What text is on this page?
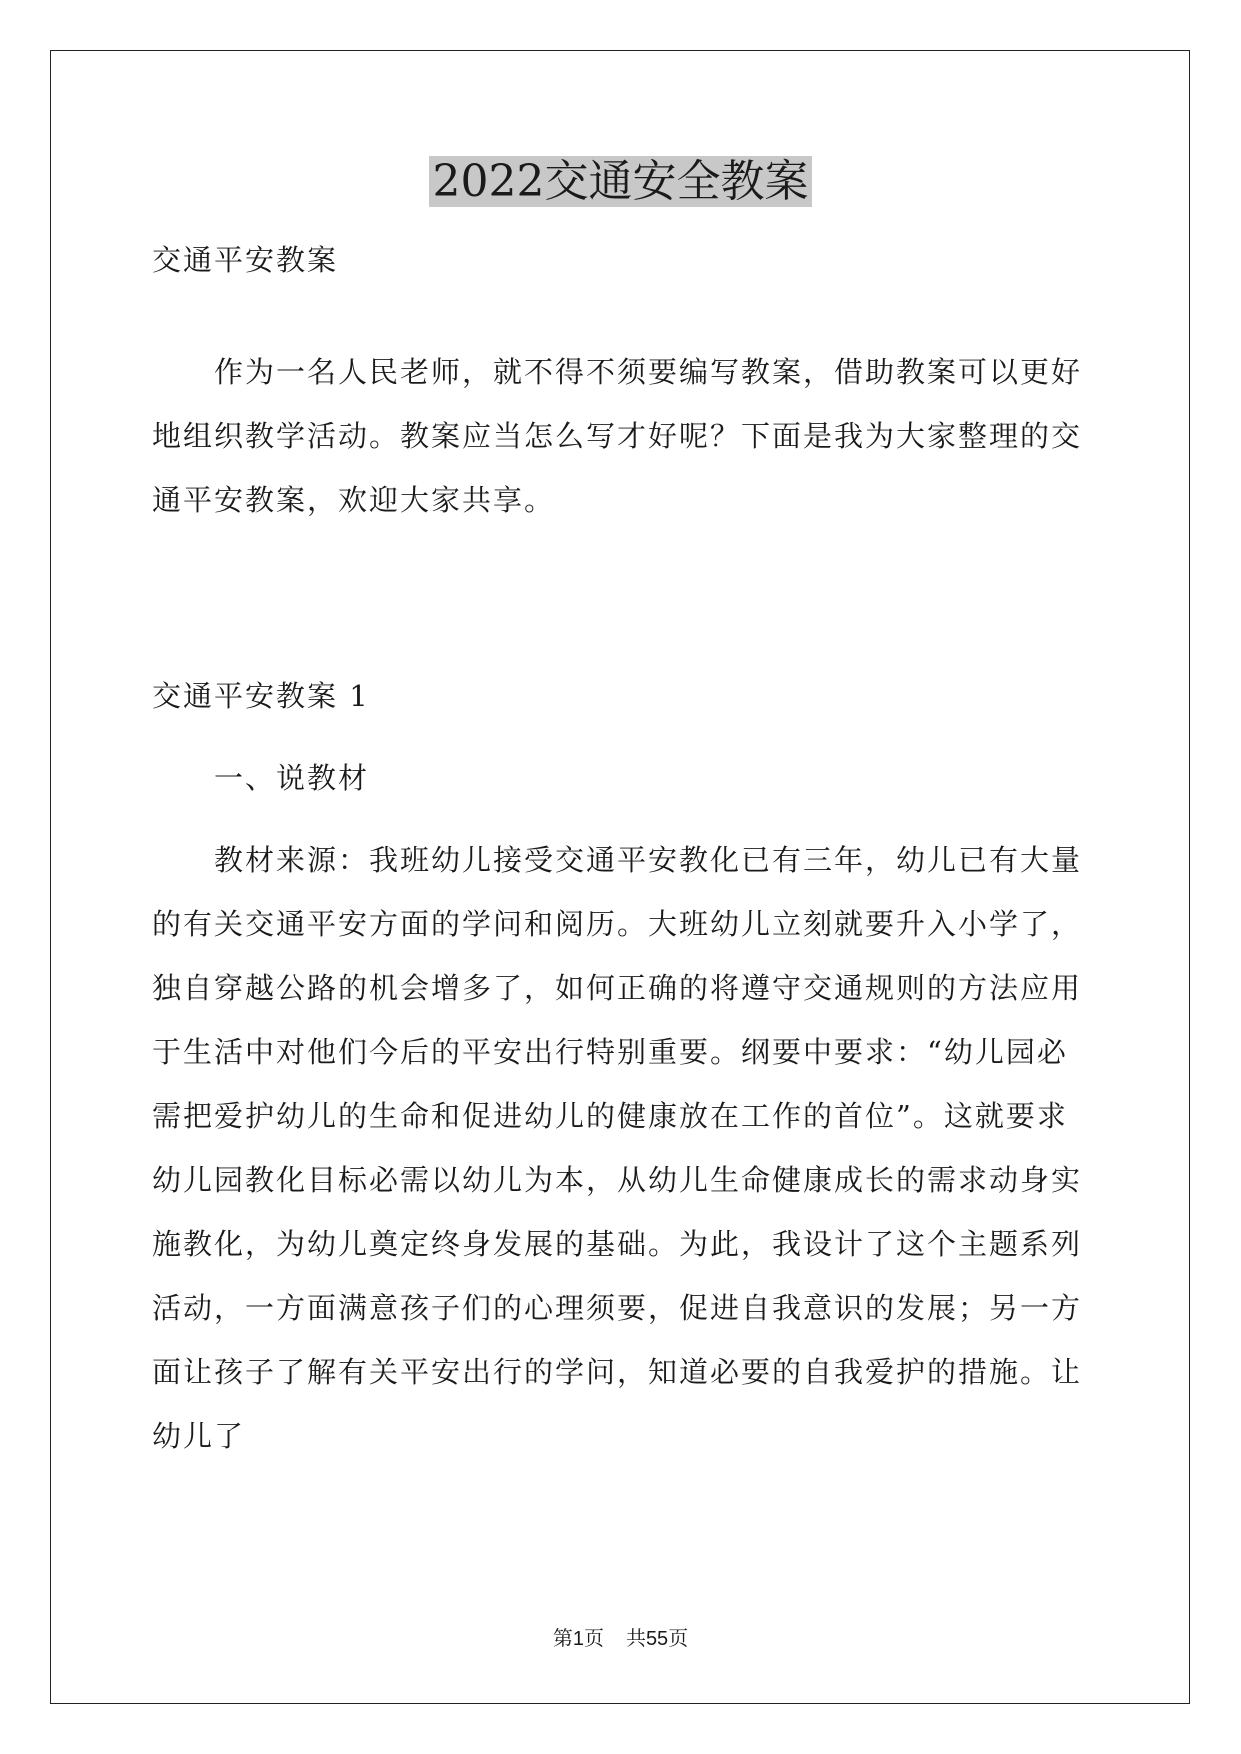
2022交通安全教案

交通平安教案

作为一名人民老师，就不得不须要编写教案，借助教案可以更好地组织教学活动。教案应当怎么写才好呢？下面是我为大家整理的交通平安教案，欢迎大家共享。

交通平安教案 1

一、说教材

教材来源：我班幼儿接受交通平安教化已有三年，幼儿已有大量的有关交通平安方面的学问和阅历。大班幼儿立刻就要升入小学了，独自穿越公路的机会增多了，如何正确的将遵守交通规则的方法应用于生活中对他们今后的平安出行特别重要。纲要中要求：“幼儿园必需把爱护幼儿的生命和促进幼儿的健康放在工作的首位”。这就要求幼儿园教化目标必需以幼儿为本，从幼儿生命健康成长的需求动身实施教化，为幼儿奠定终身发展的基础。为此，我设计了这个主题系列活动，一方面满意孩子们的心理须要，促进自我意识的发展；另一方面让孩子了解有关平安出行的学问，知道必要的自我爱护的措施。让幼儿了

第1页 共55页
